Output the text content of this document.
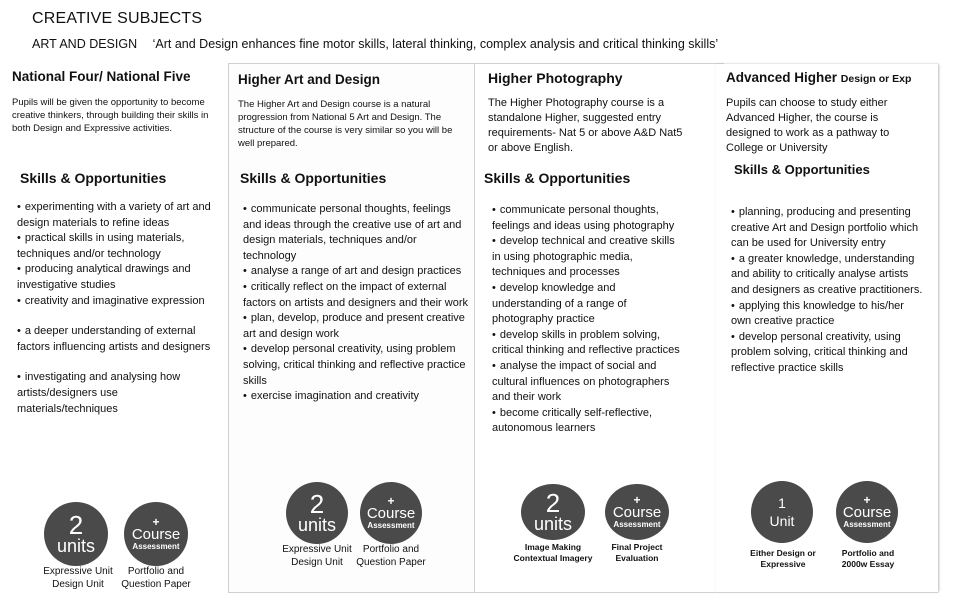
CREATIVE SUBJECTS
ART AND DESIGN ‘Art and Design enhances fine motor skills, lateral thinking, complex analysis and critical thinking skills’
National Four/ National Five
Pupils will be given the opportunity to become creative thinkers, through building their skills in both Design and Expressive activities.
Skills & Opportunities
• experimenting with a variety of art and design materials to refine ideas
• practical skills in using materials, techniques and/or technology
• producing analytical drawings and investigative studies
• creativity and imaginative expression
• a deeper understanding of external factors influencing artists and designers
• investigating and analysing how artists/designers use materials/techniques
2
units
+
Course
Assessment
Expressive Unit Design Unit
Portfolio and Question Paper
Higher Art and Design
The Higher Art and Design course is a natural progression from National 5 Art and Design. The structure of the course is very similar so you will be well prepared.
Skills & Opportunities
• communicate personal thoughts, feelings and ideas through the creative use of art and design materials, techniques and/or technology
• analyse a range of art and design practices
• critically reflect on the impact of external factors on artists and designers and their work
• plan, develop, produce and present creative art and design work
• develop personal creativity, using problem solving, critical thinking and reflective practice skills
• exercise imagination and creativity
2
units
+
Course
Assessment
Expressive Unit Design Unit
Portfolio and Question Paper
Higher Photography
The Higher Photography course is a standalone Higher, suggested entry requirements- Nat 5 or above A&D Nat5 or above English.
Skills & Opportunities
• communicate personal thoughts, feelings and ideas using photography
• develop technical and creative skills in using photographic media, techniques and processes
• develop knowledge and understanding of a range of photography practice
• develop skills in problem solving, critical thinking and reflective practices
• analyse the impact of social and cultural influences on photographers and their work
• become critically self-reflective, autonomous learners
2
units
+
Course
Assessment
Image Making Contextual Imagery
Final Project Evaluation
Advanced Higher Design or Exp
Pupils can choose to study either Advanced Higher, the course is designed to work as a pathway to College or University
Skills & Opportunities
• planning, producing and presenting creative Art and Design portfolio which can be used for University entry
• a greater knowledge, understanding and ability to critically analyse artists and designers as creative practitioners.
• applying this knowledge to his/her own creative practice
• develop personal creativity, using problem solving, critical thinking and reflective practice skills
1
Unit
+
Course
Assessment
Either Design or Expressive
Portfolio and 2000w Essay
